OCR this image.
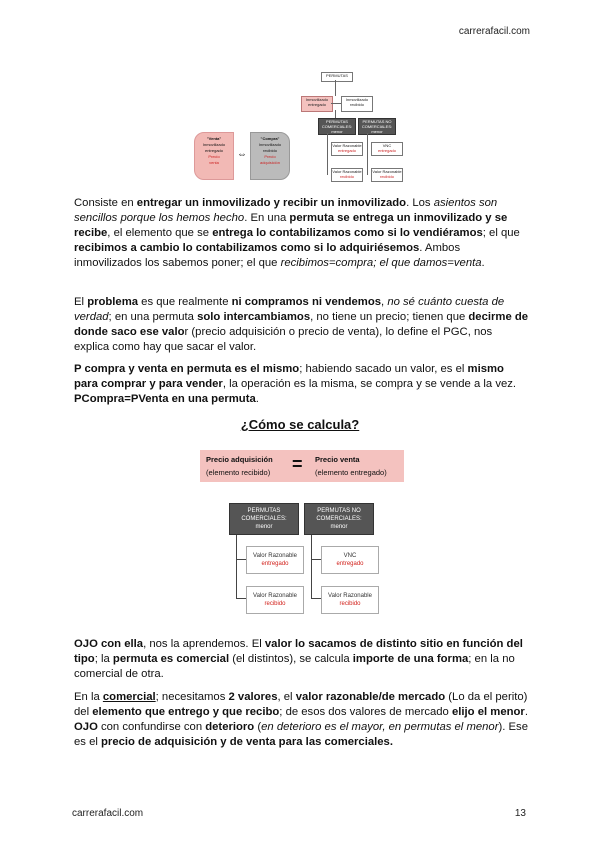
carrerafacil.com
PERMUTAS
Inmovilizado
entregado
Inmovilizado
recibido
PERMUTAS
COMERCIALES:
menor
PERMUTAS NO
COMERCIALES:
menor
Valor Razonable
entregado
VNC
entregado
Valor Razonable
recibido
Valor Razonable
recibido
"Venta"
Inmovilizado
entregado
Precio
venta
⇔
"Compra"
Inmovilizado
recibido
Precio
adquisición

Consiste en entregar un inmovilizado y recibir un inmovilizado. Los asientos son sencillos porque los hemos hecho. En una permuta se entrega un inmovilizado y se recibe, el elemento que se entrega lo contabilizamos como si lo vendiéramos; el que recibimos a cambio lo contabilizamos como si lo adquiriésemos. Ambos inmovilizados los sabemos poner; el que recibimos=compra; el que damos=venta.

El problema es que realmente ni compramos ni vendemos, no sé cuánto cuesta de verdad; en una permuta solo intercambiamos, no tiene un precio; tienen que decirme de donde saco ese valor (precio adquisición o precio de venta), lo define el PGC, nos explica como hay que sacar el valor.

P compra y venta en permuta es el mismo; habiendo sacado un valor, es el mismo para comprar y para vender, la operación es la misma, se compra y se vende a la vez. PCompra=PVenta en una permuta.

¿Cómo se calcula?
Precio adquisición
(elemento recibido) = Precio venta
(elemento entregado)
PERMUTAS
COMERCIALES:
menor
PERMUTAS NO
COMERCIALES:
menor
Valor Razonable
entregado
VNC
entregado
Valor Razonable
recibido
Valor Razonable
recibido

OJO con ella, nos la aprendemos. El valor lo sacamos de distinto sitio en función del tipo; la permuta es comercial (el distintos), se calcula importe de una forma; en la no comercial de otra.

En la comercial; necesitamos 2 valores, el valor razonable/de mercado (Lo da el perito) del elemento que entrego y que recibo; de esos dos valores de mercado elijo el menor. OJO con confundirse con deterioro (en deterioro es el mayor, en permutas el menor). Ese es el precio de adquisición y de venta para las comerciales.

carrerafacil.com	13
